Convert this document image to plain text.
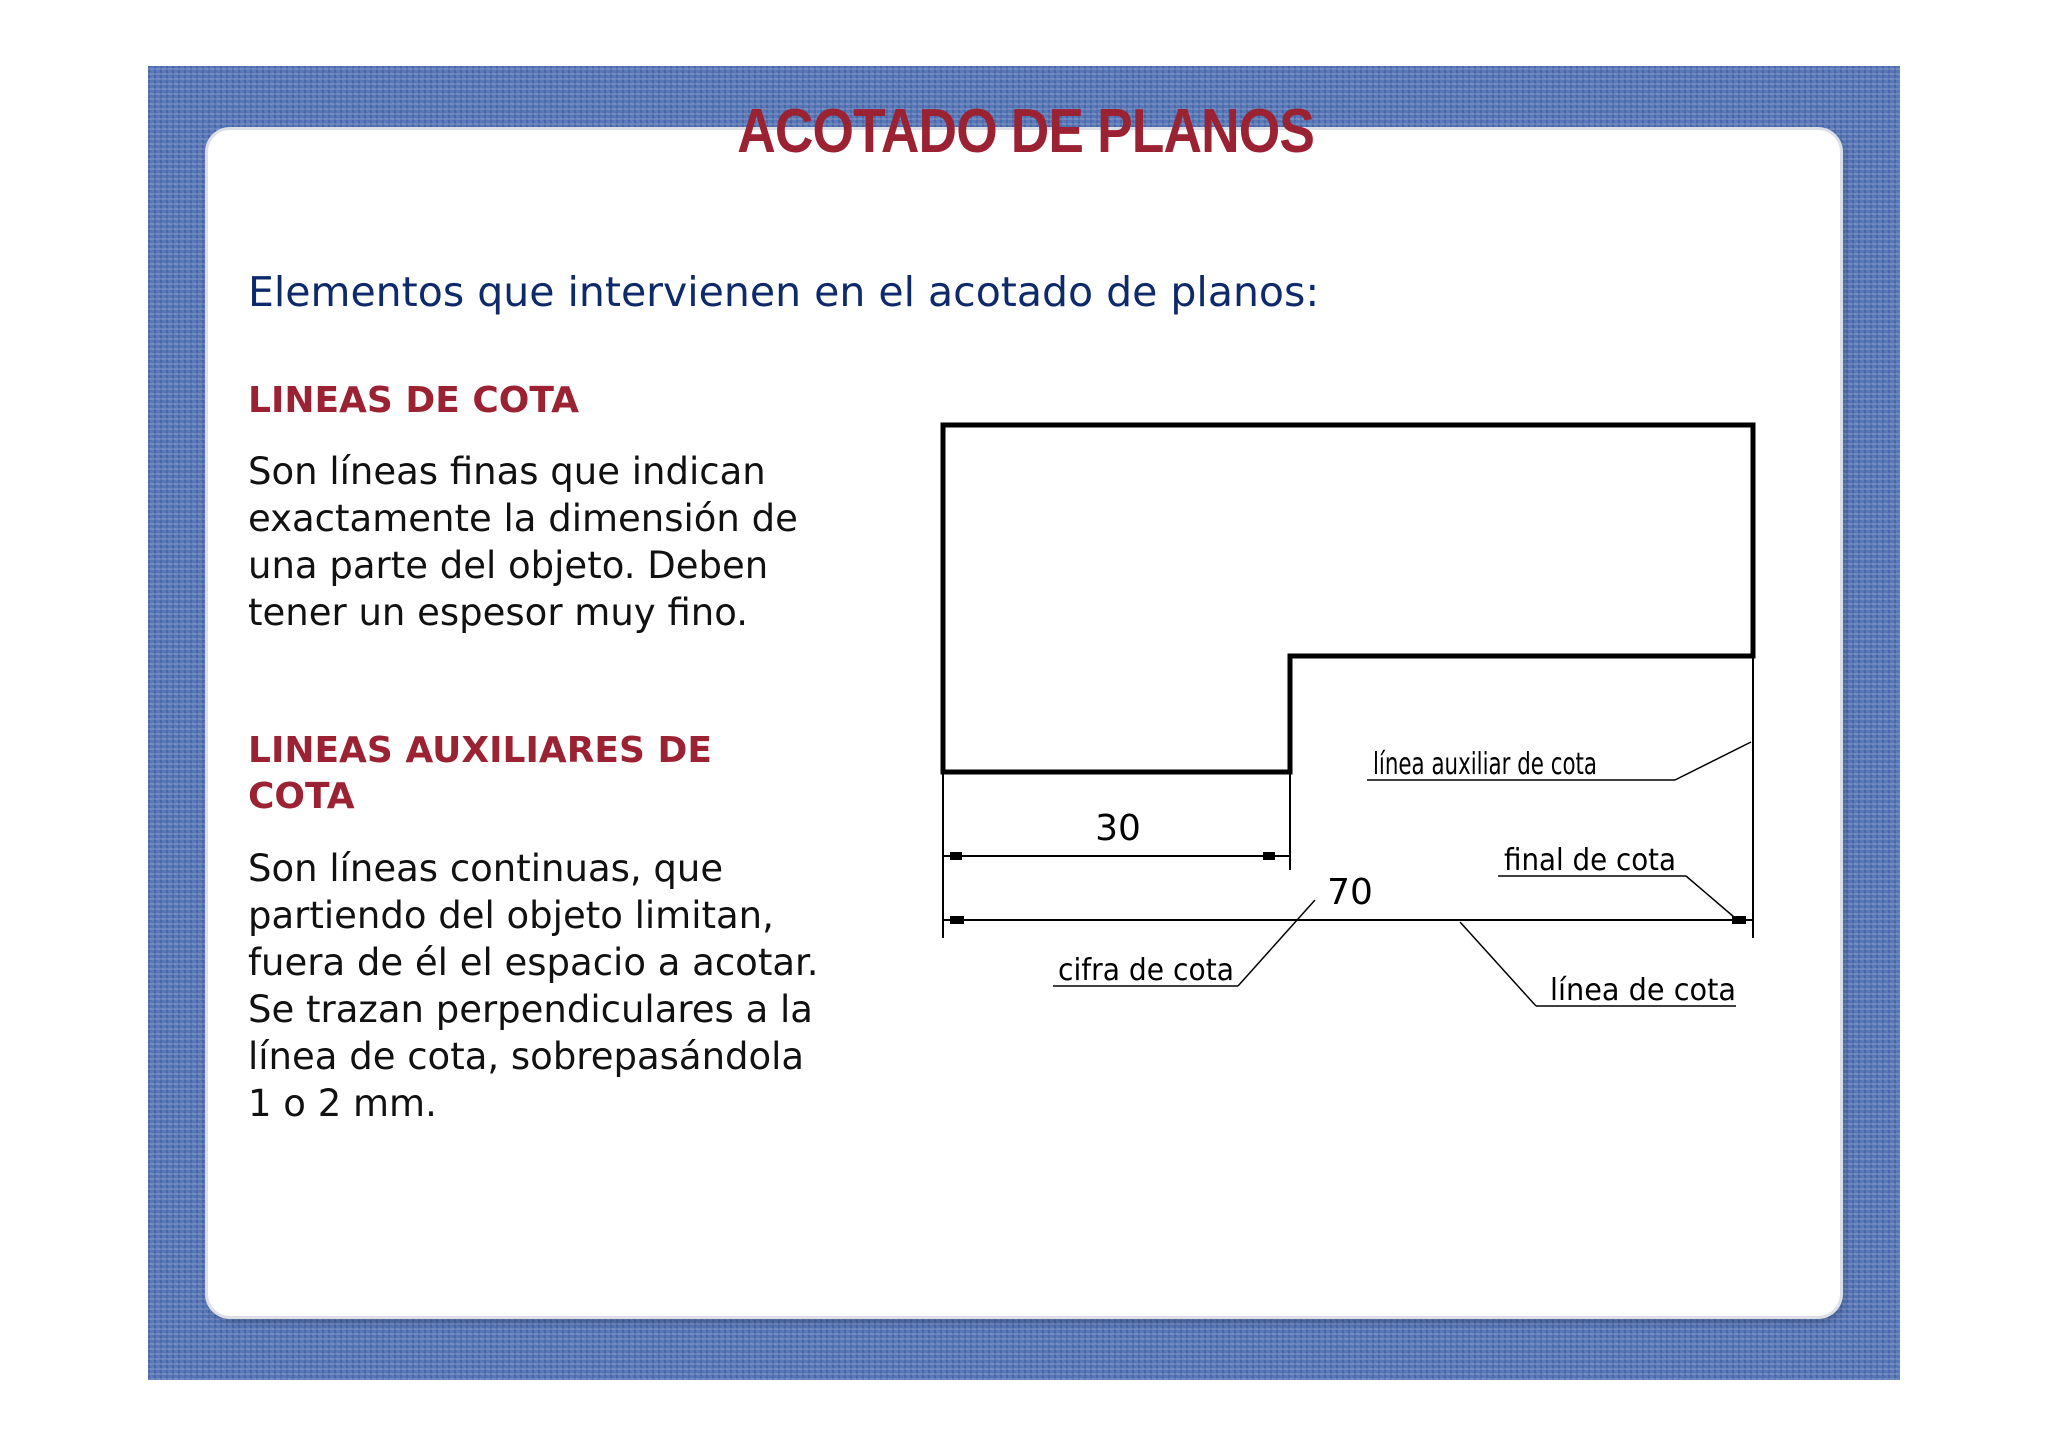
ACOTADO DE PLANOS
Elementos que intervienen en el acotado de planos:
LINEAS DE COTA
Son líneas finas que indican
exactamente la dimensión de
una parte del objeto. Deben
tener un espesor muy fino.
LINEAS AUXILIARES DE
COTA
Son líneas continuas, que
partiendo del objeto limitan,
fuera de él el espacio a acotar.
Se trazan perpendiculares a la
línea de cota, sobrepasándola
1 o 2 mm.
30
70
línea auxiliar de cota
final de cota
cifra de cota
línea de cota
